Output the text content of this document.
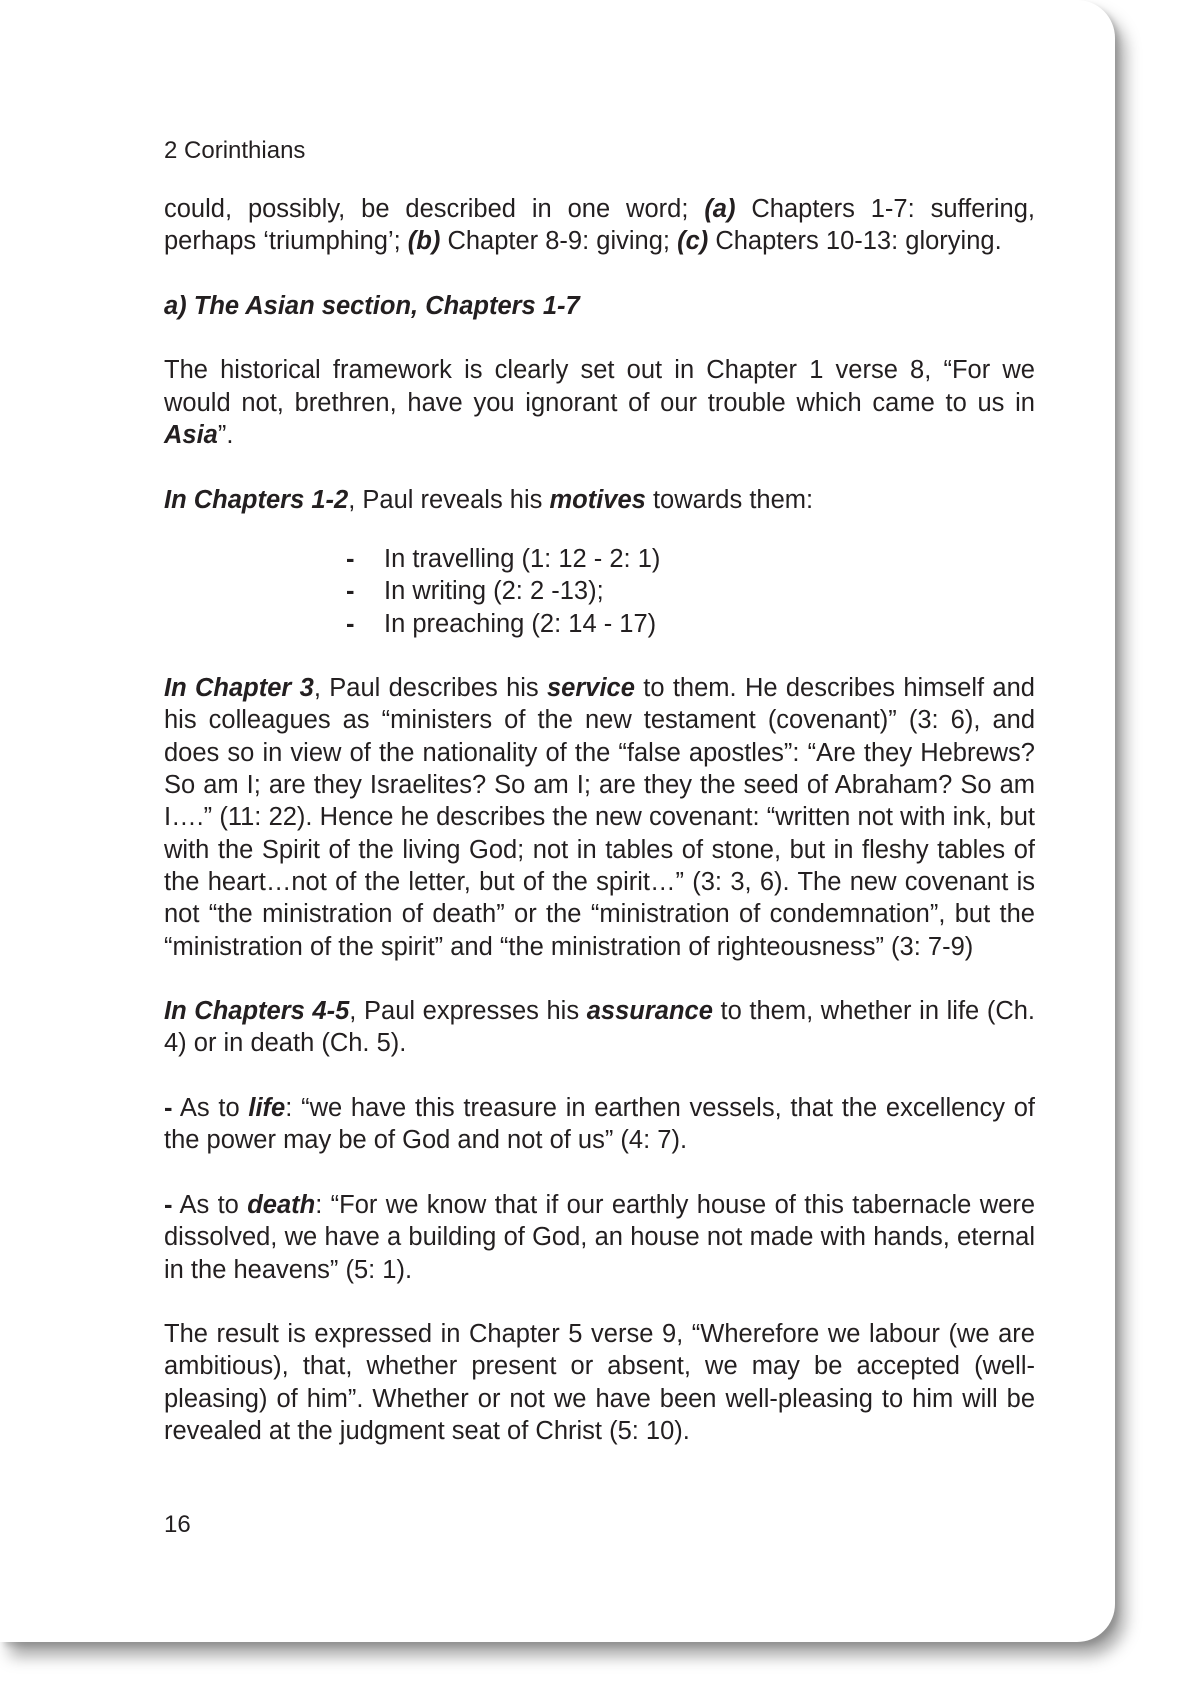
2 Corinthians

could, possibly, be described in one word; (a) Chapters 1-7: suffering, perhaps ‘triumphing’; (b) Chapter 8-9: giving; (c) Chapters 10-13: glorying.

a) The Asian section, Chapters 1-7

The historical framework is clearly set out in Chapter 1 verse 8, “For we would not, brethren, have you ignorant of our trouble which came to us in Asia”.

In Chapters 1-2, Paul reveals his motives towards them:

- In travelling (1: 12 - 2: 1)
- In writing (2: 2 -13);
- In preaching (2: 14 - 17)

In Chapter 3, Paul describes his service to them. He describes himself and his colleagues as “ministers of the new testament (covenant)” (3: 6), and does so in view of the nationality of the “false apostles”: “Are they Hebrews? So am I; are they Israelites? So am I; are they the seed of Abraham? So am I….” (11: 22). Hence he describes the new covenant: “written not with ink, but with the Spirit of the living God; not in tables of stone, but in fleshy tables of the heart…not of the letter, but of the spirit…” (3: 3, 6). The new covenant is not “the ministration of death” or the “ministration of condemnation”, but the “ministration of the spirit” and “the ministration of righteousness” (3: 7-9)

In Chapters 4-5, Paul expresses his assurance to them, whether in life (Ch. 4) or in death (Ch. 5).

- As to life: “we have this treasure in earthen vessels, that the excellency of the power may be of God and not of us” (4: 7).

- As to death: “For we know that if our earthly house of this tabernacle were dissolved, we have a building of God, an house not made with hands, eternal in the heavens” (5: 1).

The result is expressed in Chapter 5 verse 9, “Wherefore we labour (we are ambitious), that, whether present or absent, we may be accepted (well-pleasing) of him”. Whether or not we have been well-pleasing to him will be revealed at the judgment seat of Christ (5: 10).

16
